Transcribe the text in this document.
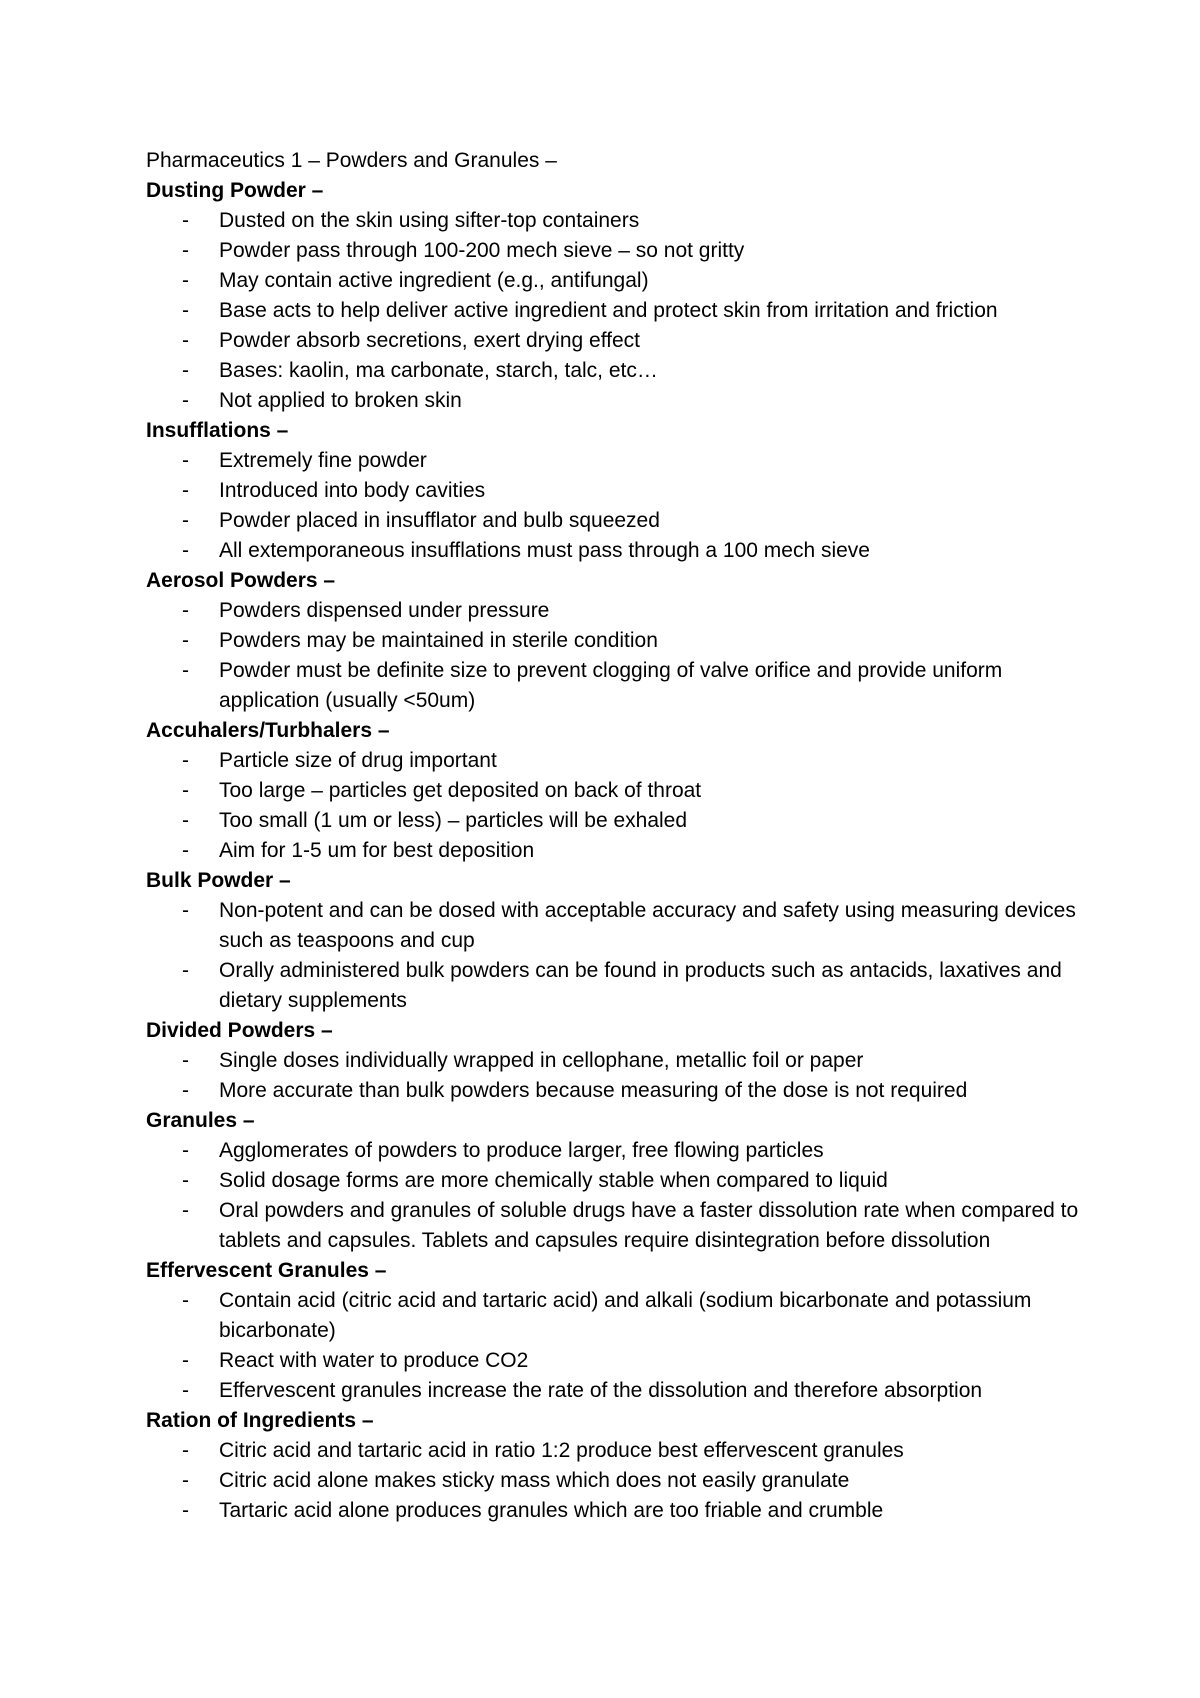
Pharmaceutics 1 – Powders and Granules –
Dusting Powder –
-	Dusted on the skin using sifter-top containers
-	Powder pass through 100-200 mech sieve – so not gritty
-	May contain active ingredient (e.g., antifungal)
-	Base acts to help deliver active ingredient and protect skin from irritation and friction
-	Powder absorb secretions, exert drying effect
-	Bases: kaolin, ma carbonate, starch, talc, etc…
-	Not applied to broken skin
Insufflations –
-	Extremely fine powder
-	Introduced into body cavities
-	Powder placed in insufflator and bulb squeezed
-	All extemporaneous insufflations must pass through a 100 mech sieve
Aerosol Powders –
-	Powders dispensed under pressure
-	Powders may be maintained in sterile condition
-	Powder must be definite size to prevent clogging of valve orifice and provide uniform application (usually <50um)
Accuhalers/Turbhalers –
-	Particle size of drug important
-	Too large – particles get deposited on back of throat
-	Too small (1 um or less) – particles will be exhaled
-	Aim for 1-5 um for best deposition
Bulk Powder –
-	Non-potent and can be dosed with acceptable accuracy and safety using measuring devices such as teaspoons and cup
-	Orally administered bulk powders can be found in products such as antacids, laxatives and dietary supplements
Divided Powders –
-	Single doses individually wrapped in cellophane, metallic foil or paper
-	More accurate than bulk powders because measuring of the dose is not required
Granules –
-	Agglomerates of powders to produce larger, free flowing particles
-	Solid dosage forms are more chemically stable when compared to liquid
-	Oral powders and granules of soluble drugs have a faster dissolution rate when compared to tablets and capsules. Tablets and capsules require disintegration before dissolution
Effervescent Granules –
-	Contain acid (citric acid and tartaric acid) and alkali (sodium bicarbonate and potassium bicarbonate)
-	React with water to produce CO2
-	Effervescent granules increase the rate of the dissolution and therefore absorption
Ration of Ingredients –
-	Citric acid and tartaric acid in ratio 1:2 produce best effervescent granules
-	Citric acid alone makes sticky mass which does not easily granulate
-	Tartaric acid alone produces granules which are too friable and crumble
